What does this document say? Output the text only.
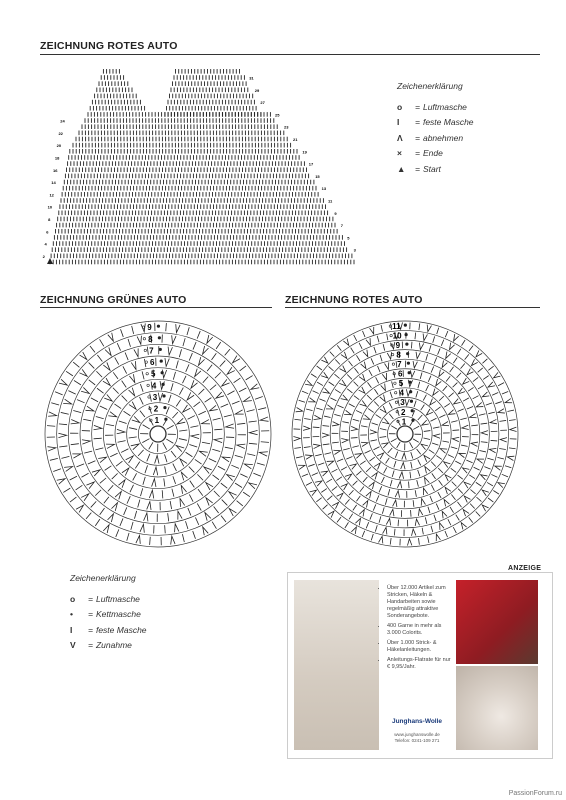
ZEICHNUNG ROTES AUTO
2
4
6
8
10
12
14
16
18
20
22
24
3
5
7
9
11
13
15
17
19
21
23
25
27
29
31
Zeichenerklärung
o	= Luftmasche
I	= feste Masche
Λ	= abnehmen
×	= Ende
▲	= Start
ZEICHNUNG GRÜNES AUTO	ZEICHNUNG ROTES AUTO
1
2
3
4
5
6
7
8
9
1
2
3
4
5
6
7
8
9
10
11
Zeichenerklärung
o	= Luftmasche
•	= Kettmasche
I	= feste Masche
V	= Zunahme
ANZEIGE
• Über 12.000 Artikel zum Stricken, Häkeln & Handarbeiten sowie regelmäßig attraktive Sonderangebote.
• 400 Garne in mehr als 3.000 Colorits.
• Über 1.000 Strick- & Häkelanleitungen.
• Anleitungs-Flatrate für nur € 9,95/Jahr.
Junghans-Wolle
www.junghanswolle.de
Telefon: 0241-109 271
PassionForum.ru
